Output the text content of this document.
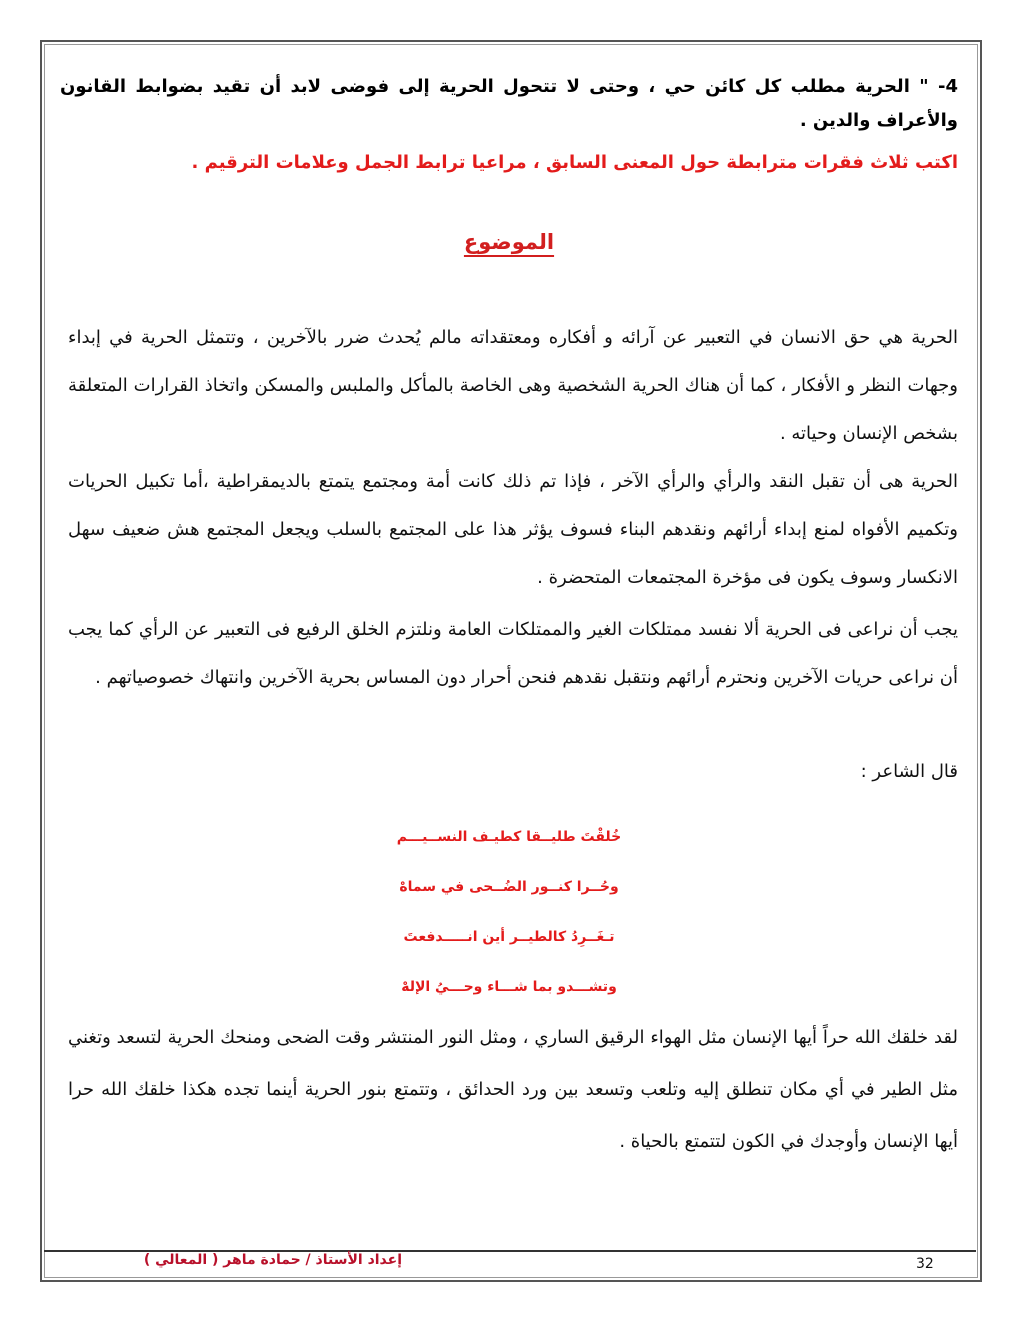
4- " الحرية مطلب كل كائن حي ، وحتى لا تتحول الحرية إلى فوضى لابد أن تقيد بضوابط القانون والأعراف والدين .
اكتب ثلاث فقرات مترابطة حول المعنى السابق ، مراعيا ترابط الجمل وعلامات الترقيم .
الموضوع
الحرية هي حق الانسان في التعبير عن آرائه و أفكاره ومعتقداته مالم يُحدث ضرر بالآخرين ، وتتمثل الحرية في إبداء وجهات النظر و الأفكار ، كما أن هناك الحرية الشخصية وهى الخاصة بالمأكل والملبس والمسكن واتخاذ القرارات المتعلقة بشخص الإنسان وحياته .
الحرية هى أن تقبل النقد والرأي والرأي الآخر ، فإذا تم ذلك كانت أمة ومجتمع يتمتع بالديمقراطية ،أما تكبيل الحريات وتكميم الأفواه لمنع إبداء أرائهم ونقدهم البناء فسوف يؤثر هذا على المجتمع بالسلب ويجعل المجتمع هش ضعيف سهل الانكسار وسوف يكون فى مؤخرة المجتمعات المتحضرة .
يجب أن نراعى فى الحرية ألا نفسد ممتلكات الغير والممتلكات العامة ونلتزم الخلق الرفيع فى التعبير عن الرأي كما يجب أن نراعى حريات الآخرين ونحترم أرائهم ونتقبل نقدهم فنحن أحرار دون المساس بحرية الآخرين وانتهاك خصوصياتهم .
قال الشاعر :
خُلقْتَ طليــقا كطيـف النســيـــم
وحُــرا كنــور الضُــحى في سماهْ
تـغَــرِدُ كالطيــر أين انـــــدفعتَ
وتشـــدو بما شـــاء وحـــيُ الإلهْ
لقد خلقك الله حراً أيها الإنسان مثل الهواء الرقيق الساري ، ومثل النور المنتشر وقت الضحى ومنحك الحرية لتسعد وتغني مثل الطير في أي مكان تنطلق إليه وتلعب وتسعد بين ورد الحدائق ، وتتمتع بنور الحرية أينما تجده هكذا خلقك الله حرا أيها الإنسان وأوجدك في الكون لتتمتع بالحياة .
إعداد الأستاذ / حمادة ماهر ( المعالي )	32
